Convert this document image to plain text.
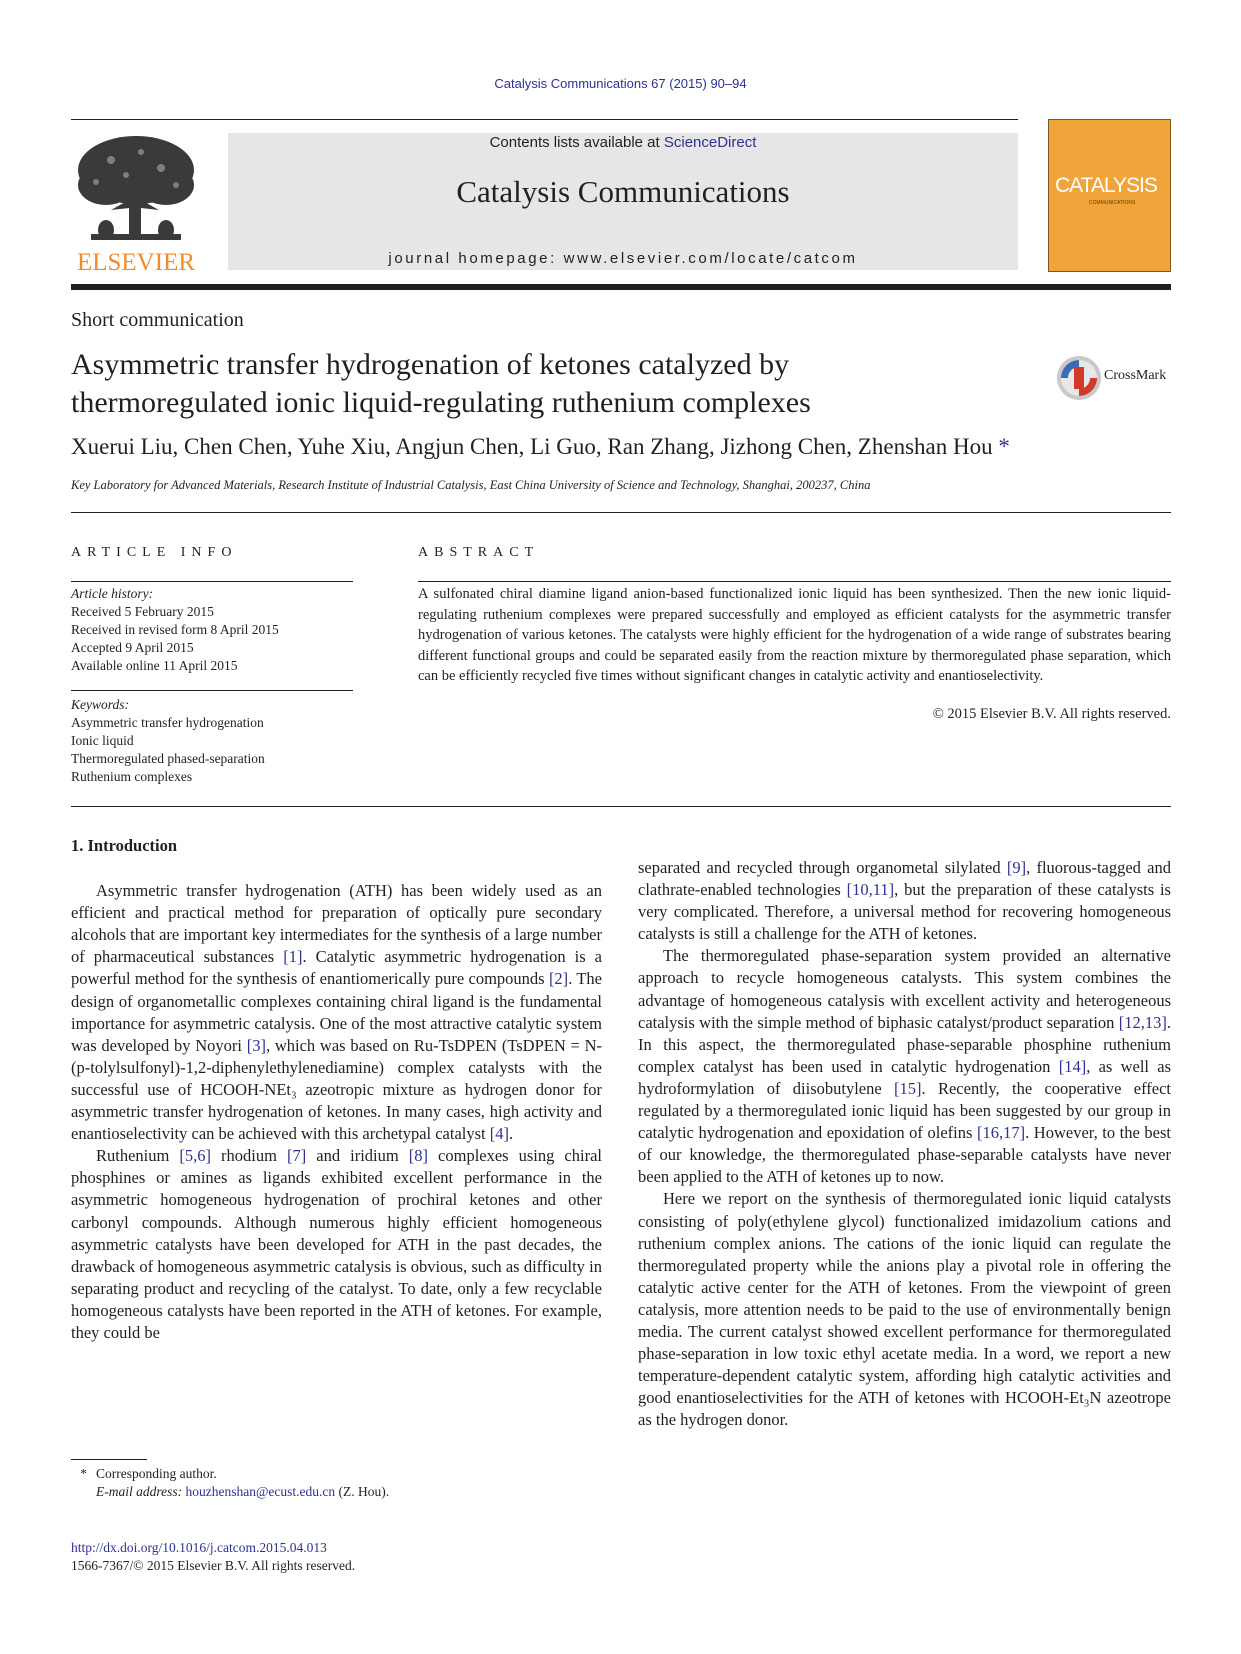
Catalysis Communications 67 (2015) 90–94
ELSEVIER
Contents lists available at ScienceDirect
Catalysis Communications
journal homepage: www.elsevier.com/locate/catcom
CATALYSIS
COMMUNICATIONS
Short communication
Asymmetric transfer hydrogenation of ketones catalyzed by thermoregulated ionic liquid-regulating ruthenium complexes
CrossMark
Xuerui Liu, Chen Chen, Yuhe Xiu, Angjun Chen, Li Guo, Ran Zhang, Jizhong Chen, Zhenshan Hou *
Key Laboratory for Advanced Materials, Research Institute of Industrial Catalysis, East China University of Science and Technology, Shanghai, 200237, China
ARTICLE INFO	ABSTRACT
Article history:
Received 5 February 2015
Received in revised form 8 April 2015
Accepted 9 April 2015
Available online 11 April 2015
Keywords:
Asymmetric transfer hydrogenation
Ionic liquid
Thermoregulated phased-separation
Ruthenium complexes
A sulfonated chiral diamine ligand anion-based functionalized ionic liquid has been synthesized. Then the new ionic liquid-regulating ruthenium complexes were prepared successfully and employed as efficient catalysts for the asymmetric transfer hydrogenation of various ketones. The catalysts were highly efficient for the hydrogenation of a wide range of substrates bearing different functional groups and could be separated easily from the reaction mixture by thermoregulated phase separation, which can be efficiently recycled five times without significant changes in catalytic activity and enantioselectivity.
© 2015 Elsevier B.V. All rights reserved.

1. Introduction

Asymmetric transfer hydrogenation (ATH) has been widely used as an efficient and practical method for preparation of optically pure secondary alcohols that are important key intermediates for the synthesis of a large number of pharmaceutical substances [1]. Catalytic asymmetric hydrogenation is a powerful method for the synthesis of enantiomerically pure compounds [2]. The design of organometallic complexes containing chiral ligand is the fundamental importance for asymmetric catalysis. One of the most attractive catalytic system was developed by Noyori [3], which was based on Ru-TsDPEN (TsDPEN = N-(p-tolylsulfonyl)-1,2-diphenylethylenediamine) complex catalysts with the successful use of HCOOH-NEt₃ azeotropic mixture as hydrogen donor for asymmetric transfer hydrogenation of ketones. In many cases, high activity and enantioselectivity can be achieved with this archetypal catalyst [4].

Ruthenium [5,6] rhodium [7] and iridium [8] complexes using chiral phosphines or amines as ligands exhibited excellent performance in the asymmetric homogeneous hydrogenation of prochiral ketones and other carbonyl compounds. Although numerous highly efficient homogeneous asymmetric catalysts have been developed for ATH in the past decades, the drawback of homogeneous asymmetric catalysis is obvious, such as difficulty in separating product and recycling of the catalyst. To date, only a few recyclable homogeneous catalysts have been reported in the ATH of ketones. For example, they could be

separated and recycled through organometal silylated [9], fluorous-tagged and clathrate-enabled technologies [10,11], but the preparation of these catalysts is very complicated. Therefore, a universal method for recovering homogeneous catalysts is still a challenge for the ATH of ketones.

The thermoregulated phase-separation system provided an alternative approach to recycle homogeneous catalysts. This system combines the advantage of homogeneous catalysis with excellent activity and heterogeneous catalysis with the simple method of biphasic catalyst/product separation [12,13]. In this aspect, the thermoregulated phase-separable phosphine ruthenium complex catalyst has been used in catalytic hydrogenation [14], as well as hydroformylation of diisobutylene [15]. Recently, the cooperative effect regulated by a thermoregulated ionic liquid has been suggested by our group in catalytic hydrogenation and epoxidation of olefins [16,17]. However, to the best of our knowledge, the thermoregulated phase-separable catalysts have never been applied to the ATH of ketones up to now.

Here we report on the synthesis of thermoregulated ionic liquid catalysts consisting of poly(ethylene glycol) functionalized imidazolium cations and ruthenium complex anions. The cations of the ionic liquid can regulate the thermoregulated property while the anions play a pivotal role in offering the catalytic active center for the ATH of ketones. From the viewpoint of green catalysis, more attention needs to be paid to the use of environmentally benign media. The current catalyst showed excellent performance for thermoregulated phase-separation in low toxic ethyl acetate media. In a word, we report a new temperature-dependent catalytic system, affording high catalytic activities and good enantioselectivities for the ATH of ketones with HCOOH-Et₃N azeotrope as the hydrogen donor.

* Corresponding author.
E-mail address: houzhenshan@ecust.edu.cn (Z. Hou).
http://dx.doi.org/10.1016/j.catcom.2015.04.013
1566-7367/© 2015 Elsevier B.V. All rights reserved.
